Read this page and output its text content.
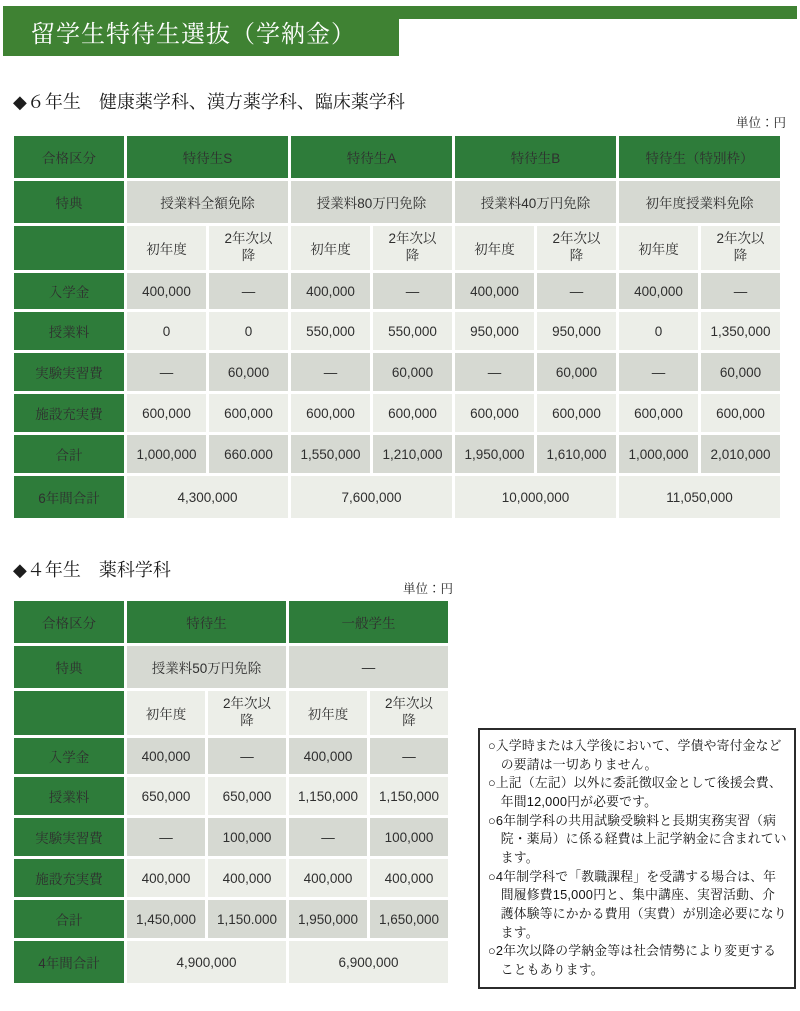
留学生特待生選抜（学納金）
◆６年生　健康薬学科、漢方薬学科、臨床薬学科
単位：円
合格区分	特待生S		特待生A		特待生B		特待生（特別枠）	
特典	授業料全額免除		授業料80万円免除		授業料40万円免除		初年度授業料免除	
	初年度	2年次以降	初年度	2年次以降	初年度	2年次以降	初年度	2年次以降
入学金	400,000	—	400,000	—	400,000	—	400,000	—
授業料	0	0	550,000	550,000	950,000	950,000	0	1,350,000
実験実習費	—	60,000	—	60,000	—	60,000	—	60,000
施設充実費	600,000	600,000	600,000	600,000	600,000	600,000	600,000	600,000
合計	1,000,000	660.000	1,550,000	1,210,000	1,950,000	1,610,000	1,000,000	2,010,000
6年間合計	4,300,000		7,600,000		10,000,000		11,050,000	
◆４年生　薬科学科
単位：円
合格区分	特待生		一般学生	
特典	授業料50万円免除		—	
	初年度	2年次以降	初年度	2年次以降
入学金	400,000	—	400,000	—
授業料	650,000	650,000	1,150,000	1,150,000
実験実習費	—	100,000	—	100,000
施設充実費	400,000	400,000	400,000	400,000
合計	1,450,000	1,150.000	1,950,000	1,650,000
4年間合計	4,900,000		6,900,000	
○入学時または入学後において、学債や寄付金などの要請は一切ありません。
○上記（左記）以外に委託徴収金として後援会費、年間12,000円が必要です。
○6年制学科の共用試験受験料と長期実務実習（病院・薬局）に係る経費は上記学納金に含まれています。
○4年制学科で「教職課程」を受講する場合は、年間履修費15,000円と、集中講座、実習活動、介護体験等にかかる費用（実費）が別途必要になります。
○2年次以降の学納金等は社会情勢により変更することもあります。
